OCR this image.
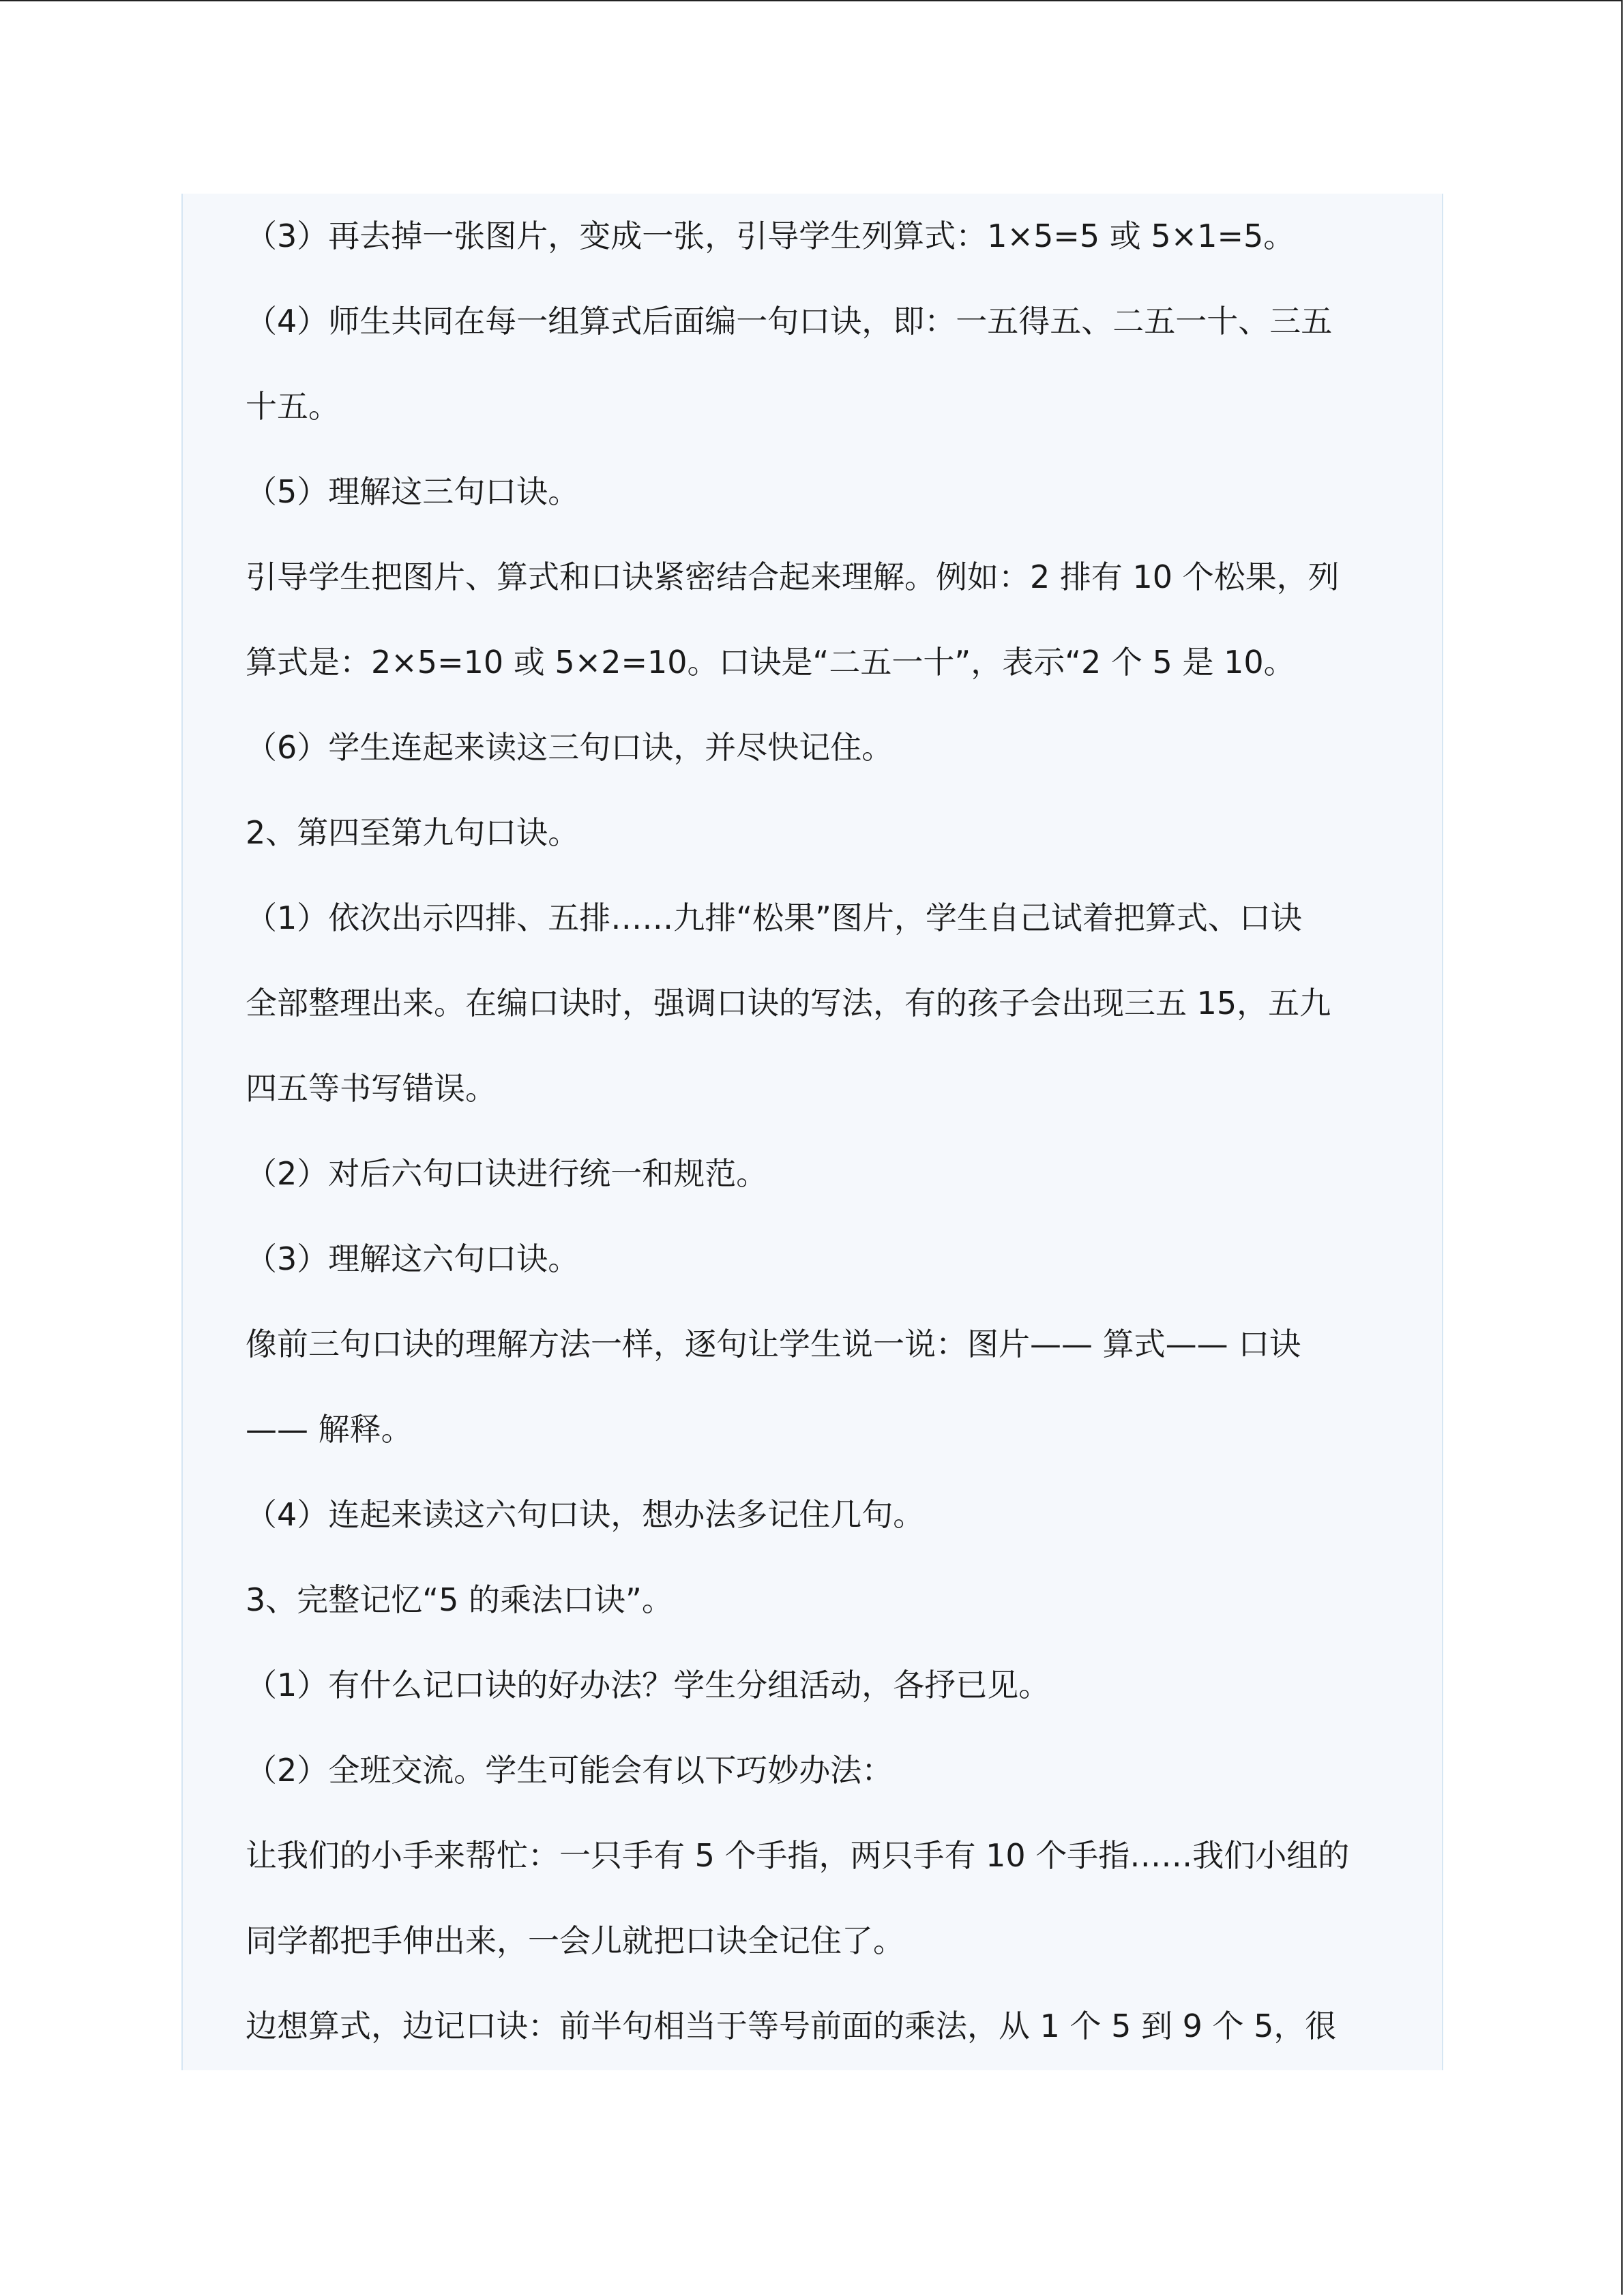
（3）再去掉一张图片，变成一张，引导学生列算式：1×5=5 或 5×1=5。
（4）师生共同在每一组算式后面编一句口诀，即：一五得五、二五一十、三五
十五。
（5）理解这三句口诀。
引导学生把图片、算式和口诀紧密结合起来理解。例如：2 排有 10 个松果，列
算式是：2×5=10 或 5×2=10。口诀是“二五一十”，表示“2 个 5 是 10。
（6）学生连起来读这三句口诀，并尽快记住。
2、第四至第九句口诀。
（1）依次出示四排、五排……九排“松果”图片，学生自己试着把算式、口诀
全部整理出来。在编口诀时，强调口诀的写法，有的孩子会出现三五 15，五九
四五等书写错误。
（2）对后六句口诀进行统一和规范。
（3）理解这六句口诀。
像前三句口诀的理解方法一样，逐句让学生说一说：图片—— 算式—— 口诀
—— 解释。
（4）连起来读这六句口诀，想办法多记住几句。
3、完整记忆“5 的乘法口诀”。
（1）有什么记口诀的好办法？学生分组活动，各抒已见。
（2）全班交流。学生可能会有以下巧妙办法：
让我们的小手来帮忙：一只手有 5 个手指，两只手有 10 个手指……我们小组的
同学都把手伸出来，一会儿就把口诀全记住了。
边想算式，边记口诀：前半句相当于等号前面的乘法，从 1 个 5 到 9 个 5，很
